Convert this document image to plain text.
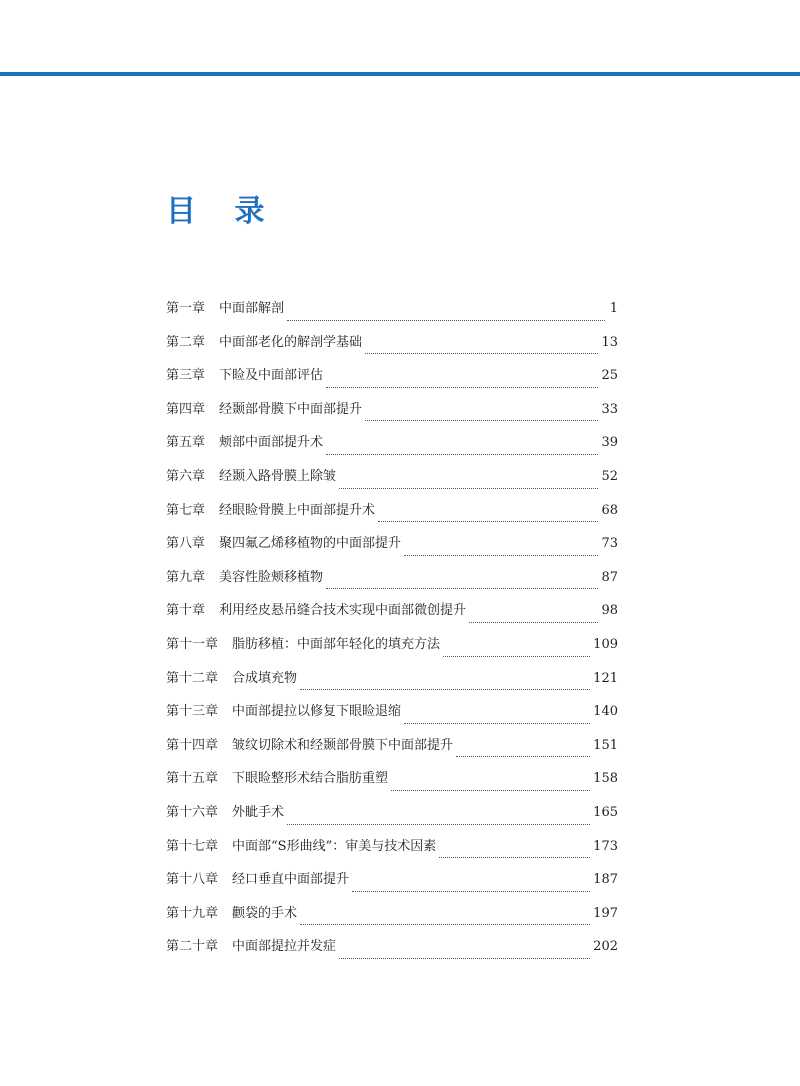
目 录
第一章 中面部解剖	1
第二章 中面部老化的解剖学基础	13
第三章 下睑及中面部评估	25
第四章 经颞部骨膜下中面部提升	33
第五章 颊部中面部提升术	39
第六章 经颞入路骨膜上除皱	52
第七章 经眼睑骨膜上中面部提升术	68
第八章 聚四氟乙烯移植物的中面部提升	73
第九章 美容性脸颊移植物	87
第十章 利用经皮悬吊缝合技术实现中面部微创提升	98
第十一章 脂肪移植：中面部年轻化的填充方法	109
第十二章 合成填充物	121
第十三章 中面部提拉以修复下眼睑退缩	140
第十四章 皱纹切除术和经颞部骨膜下中面部提升	151
第十五章 下眼睑整形术结合脂肪重塑	158
第十六章 外眦手术	165
第十七章 中面部“S形曲线”：审美与技术因素	173
第十八章 经口垂直中面部提升	187
第十九章 颧袋的手术	197
第二十章 中面部提拉并发症	202
